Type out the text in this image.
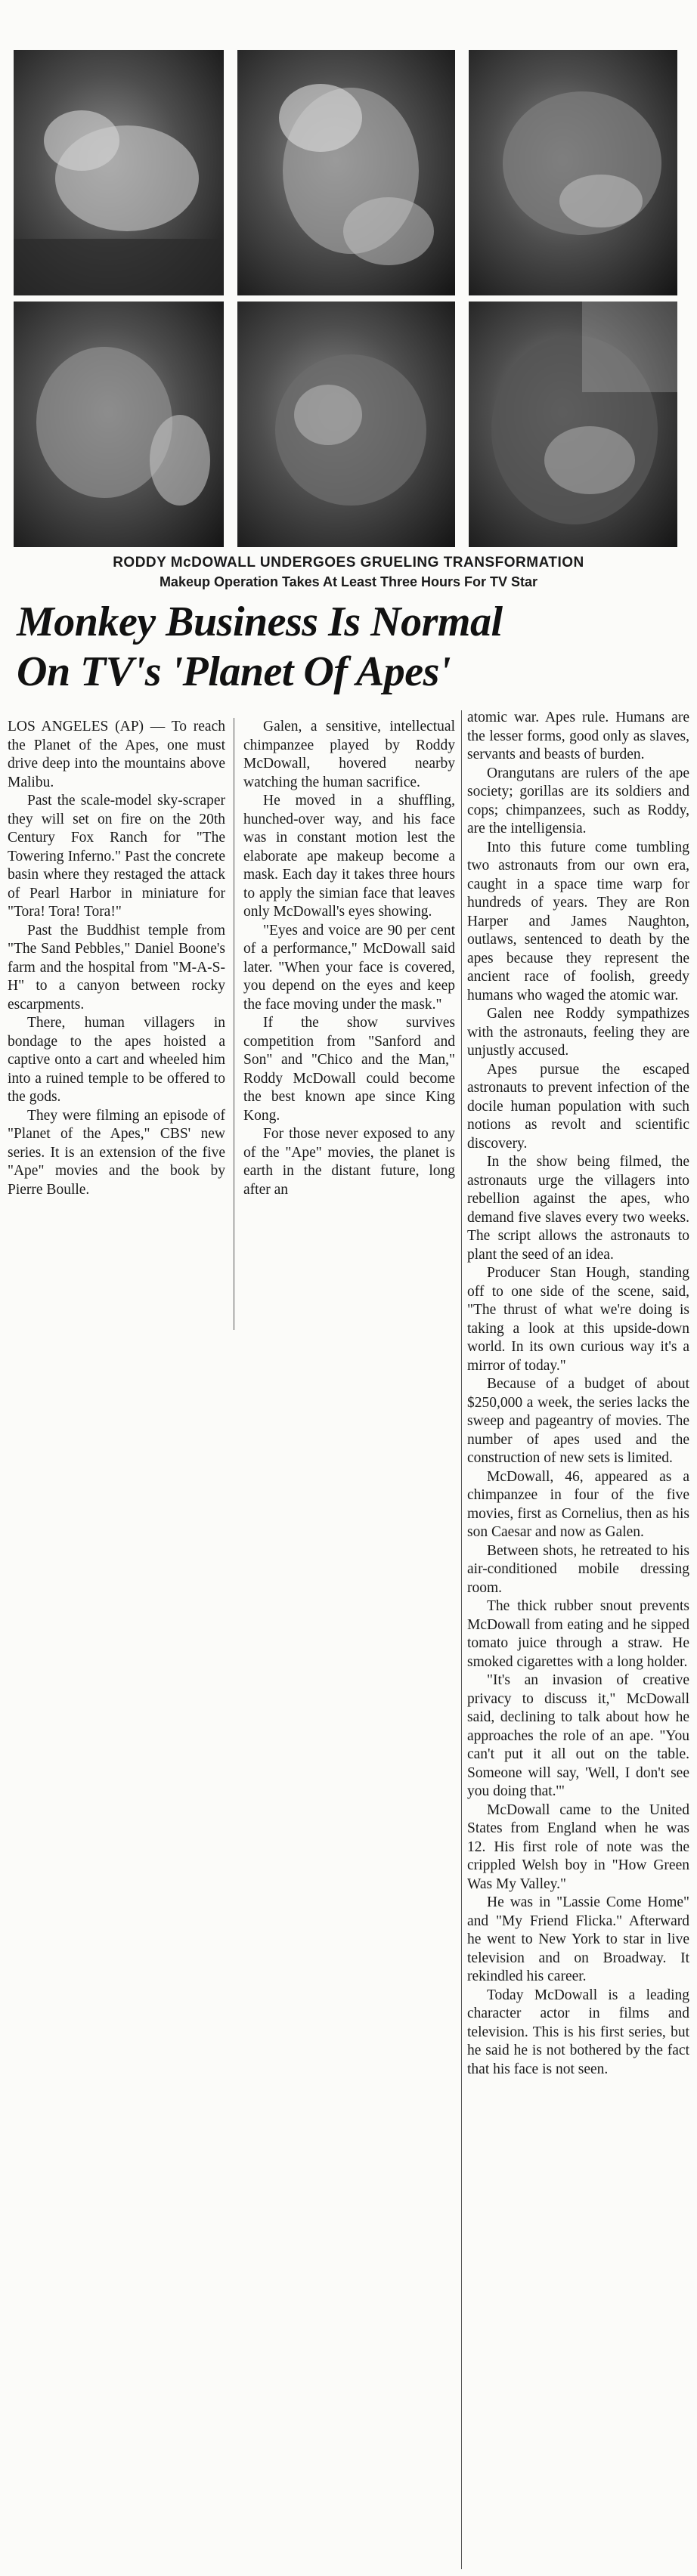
RODDY McDOWALL UNDERGOES GRUELING TRANSFORMATION
Makeup Operation Takes At Least Three Hours For TV Star
Monkey Business Is Normal
On TV's 'Planet Of Apes'

LOS ANGELES (AP) — To reach the Planet of the Apes, one must drive deep into the mountains above Malibu.

Past the scale-model sky-scraper they will set on fire on the 20th Century Fox Ranch for "The Towering Inferno." Past the concrete basin where they restaged the attack of Pearl Harbor in miniature for "Tora! Tora! Tora!"

Past the Buddhist temple from "The Sand Pebbles," Daniel Boone's farm and the hospital from "M-A-S-H" to a canyon between rocky escarpments.

There, human villagers in bondage to the apes hoisted a captive onto a cart and wheeled him into a ruined temple to be offered to the gods.

They were filming an episode of "Planet of the Apes," CBS' new series. It is an extension of the five "Ape" movies and the book by Pierre Boulle.

Galen, a sensitive, intellectual chimpanzee played by Roddy McDowall, hovered nearby watching the human sacrifice.

He moved in a shuffling, hunched-over way, and his face was in constant motion lest the elaborate ape makeup become a mask. Each day it takes three hours to apply the simian face that leaves only McDowall's eyes showing.

"Eyes and voice are 90 per cent of a performance," McDowall said later. "When your face is covered, you depend on the eyes and keep the face moving under the mask."

If the show survives competition from "Sanford and Son" and "Chico and the Man," Roddy McDowall could become the best known ape since King Kong.

For those never exposed to any of the "Ape" movies, the planet is earth in the distant future, long after an

atomic war. Apes rule. Humans are the lesser forms, good only as slaves, servants and beasts of burden.

Orangutans are rulers of the ape society; gorillas are its soldiers and cops; chimpanzees, such as Roddy, are the intelligensia.

Into this future come tumbling two astronauts from our own era, caught in a space time warp for hundreds of years. They are Ron Harper and James Naughton, outlaws, sentenced to death by the apes because they represent the ancient race of foolish, greedy humans who waged the atomic war.

Galen nee Roddy sympathizes with the astronauts, feeling they are unjustly accused.

Apes pursue the escaped astronauts to prevent infection of the docile human population with such notions as revolt and scientific discovery.

In the show being filmed, the astronauts urge the villagers into rebellion against the apes, who demand five slaves every two weeks. The script allows the astronauts to plant the seed of an idea.

Producer Stan Hough, standing off to one side of the scene, said, "The thrust of what we're doing is taking a look at this upside-down world. In its own curious way it's a mirror of today."

Because of a budget of about $250,000 a week, the series lacks the sweep and pageantry of movies. The number of apes used and the construction of new sets is limited.

McDowall, 46, appeared as a chimpanzee in four of the five movies, first as Cornelius, then as his son Caesar and now as Galen.

Between shots, he retreated to his air-conditioned mobile dressing room.

The thick rubber snout prevents McDowall from eating and he sipped tomato juice through a straw. He smoked cigarettes with a long holder.

"It's an invasion of creative privacy to discuss it," McDowall said, declining to talk about how he approaches the role of an ape. "You can't put it all out on the table. Someone will say, 'Well, I don't see you doing that.'"

McDowall came to the United States from England when he was 12. His first role of note was the crippled Welsh boy in "How Green Was My Valley."

He was in "Lassie Come Home" and "My Friend Flicka." Afterward he went to New York to star in live television and on Broadway. It rekindled his career.

Today McDowall is a leading character actor in films and television. This is his first series, but he said he is not bothered by the fact that his face is not seen.
